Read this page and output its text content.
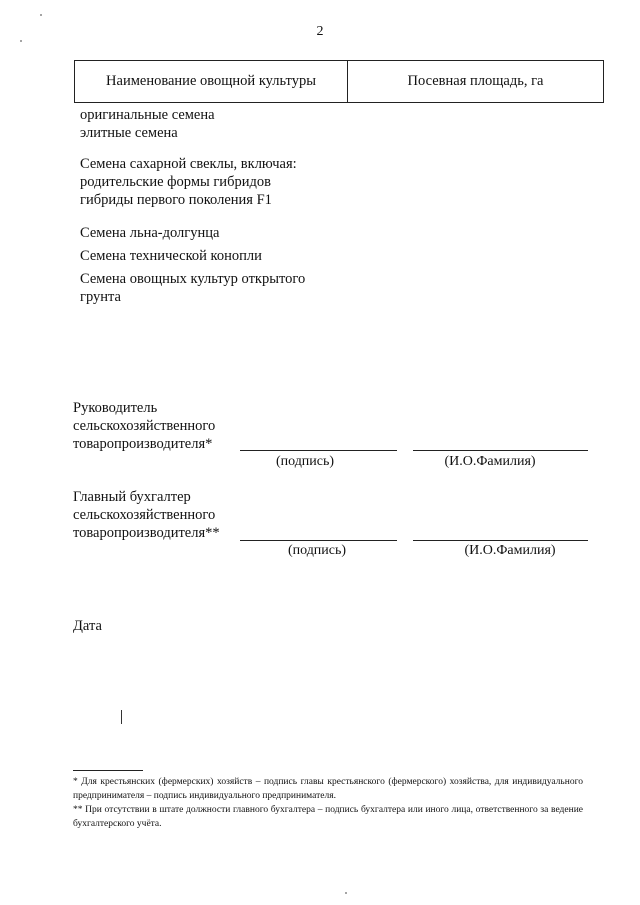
2
Наименование овощной культуры	Посевная площадь, га
оригинальные семена
элитные семена
Семена сахарной свеклы, включая:
родительские формы гибридов
гибриды первого поколения F1
Семена льна-долгунца
Семена технической конопли
Семена овощных культур открытого
грунта
Руководитель
сельскохозяйственного
товаропроизводителя*
(подпись)	(И.О.Фамилия)
Главный бухгалтер
сельскохозяйственного
товаропроизводителя**
(подпись)	(И.О.Фамилия)
Дата

* Для крестьянских (фермерских) хозяйств – подпись главы крестьянского (фермерского) хозяйства, для индивидуального предпринимателя – подпись индивидуального предпринимателя.

** При отсутствии в штате должности главного бухгалтера – подпись бухгалтера или иного лица, ответственного за ведение бухгалтерского учёта.
